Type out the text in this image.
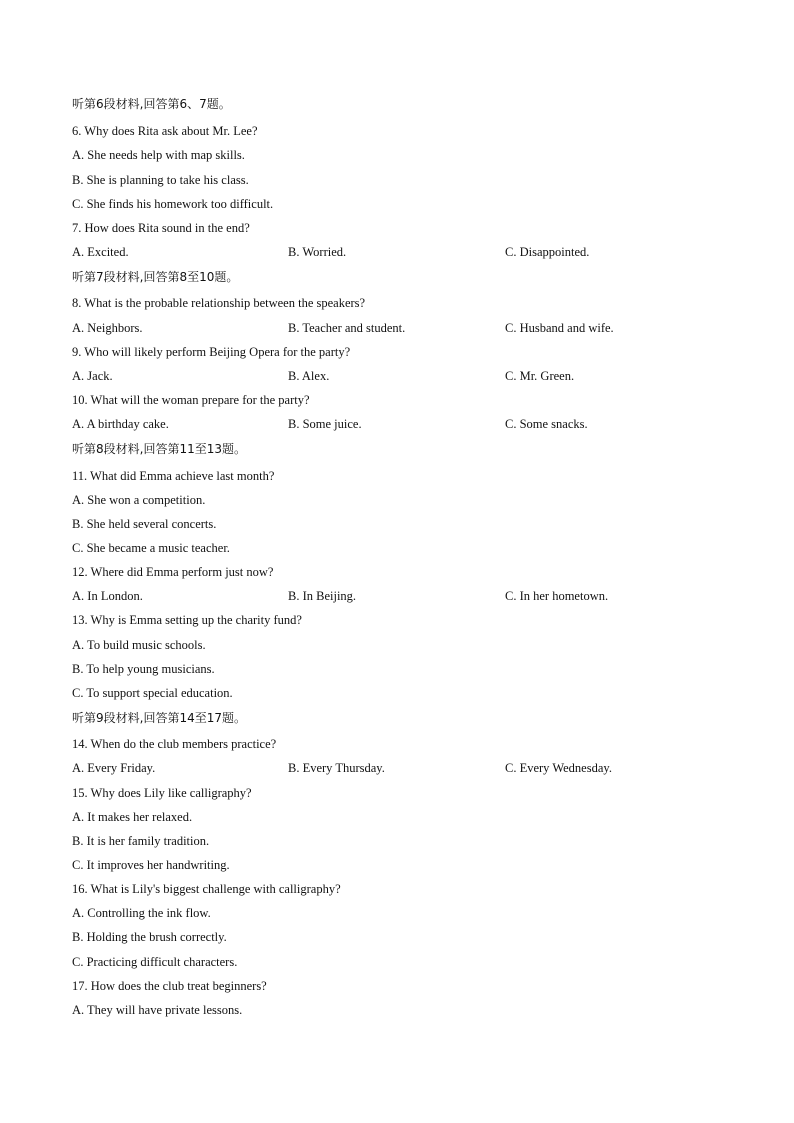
听第6段材料,回答第6、7题。
6. Why does Rita ask about Mr. Lee?
A. She needs help with map skills.
B. She is planning to take his class.
C. She finds his homework too difficult.
7. How does Rita sound in the end?
A. Excited.	B. Worried.	C. Disappointed.
听第7段材料,回答第8至10题。
8. What is the probable relationship between the speakers?
A. Neighbors.	B. Teacher and student.	C. Husband and wife.
9. Who will likely perform Beijing Opera for the party?
A. Jack.	B. Alex.	C. Mr. Green.
10. What will the woman prepare for the party?
A. A birthday cake.	B. Some juice.	C. Some snacks.
听第8段材料,回答第11至13题。
11. What did Emma achieve last month?
A. She won a competition.
B. She held several concerts.
C. She became a music teacher.
12. Where did Emma perform just now?
A. In London.	B. In Beijing.	C. In her hometown.
13. Why is Emma setting up the charity fund?
A. To build music schools.
B. To help young musicians.
C. To support special education.
听第9段材料,回答第14至17题。
14. When do the club members practice?
A. Every Friday.	B. Every Thursday.	C. Every Wednesday.
15. Why does Lily like calligraphy?
A. It makes her relaxed.
B. It is her family tradition.
C. It improves her handwriting.
16. What is Lily's biggest challenge with calligraphy?
A. Controlling the ink flow.
B. Holding the brush correctly.
C. Practicing difficult characters.
17. How does the club treat beginners?
A. They will have private lessons.
